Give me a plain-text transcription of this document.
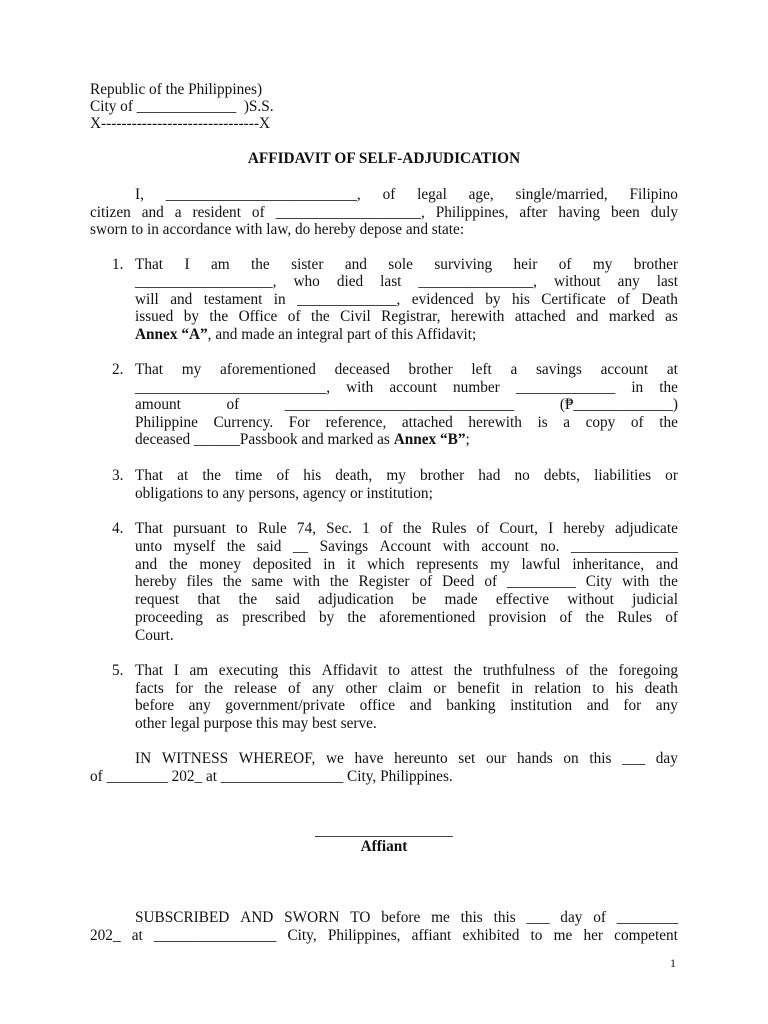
Republic of the Philippines)
City of _____________  )S.S.
X-------------------------------X
AFFIDAVIT OF SELF-ADJUDICATION
I, _________________________, of legal age, single/married, Filipino
citizen and a resident of ___________________, Philippines, after having been duly
sworn to in accordance with law, do hereby depose and state:
1. That I am the sister and sole surviving heir of my brother
__________________, who died last _______________, without any last
will and testament in _____________, evidenced by his Certificate of Death
issued by the Office of the Civil Registrar, herewith attached and marked as
Annex “A”, and made an integral part of this Affidavit;
2. That my aforementioned deceased brother left a savings account at
_________________________, with account number _____________ in the
amount	of	______________________________	(₱_____________)
Philippine Currency. For reference, attached herewith is a copy of the
deceased ______Passbook and marked as Annex “B”;
3. That at the time of his death, my brother had no debts, liabilities or
obligations to any persons, agency or institution;
4. That pursuant to Rule 74, Sec. 1 of the Rules of Court, I hereby adjudicate
unto myself the said __ Savings Account with account no. ______________
and the money deposited in it which represents my lawful inheritance, and
hereby files the same with the Register of Deed of _________ City with the
request that the said adjudication be made effective without judicial
proceeding as prescribed by the aforementioned provision of the Rules of
Court.
5. That I am executing this Affidavit to attest the truthfulness of the foregoing
facts for the release of any other claim or benefit in relation to his death
before any government/private office and banking institution and for any
other legal purpose this may best serve.
IN WITNESS WHEREOF, we have hereunto set our hands on this ___ day
of ________ 202_ at ________________ City, Philippines.
__________________
Affiant
SUBSCRIBED AND SWORN TO before me this this ___ day of ________
202_ at ________________ City, Philippines, affiant exhibited to me her competent
1
